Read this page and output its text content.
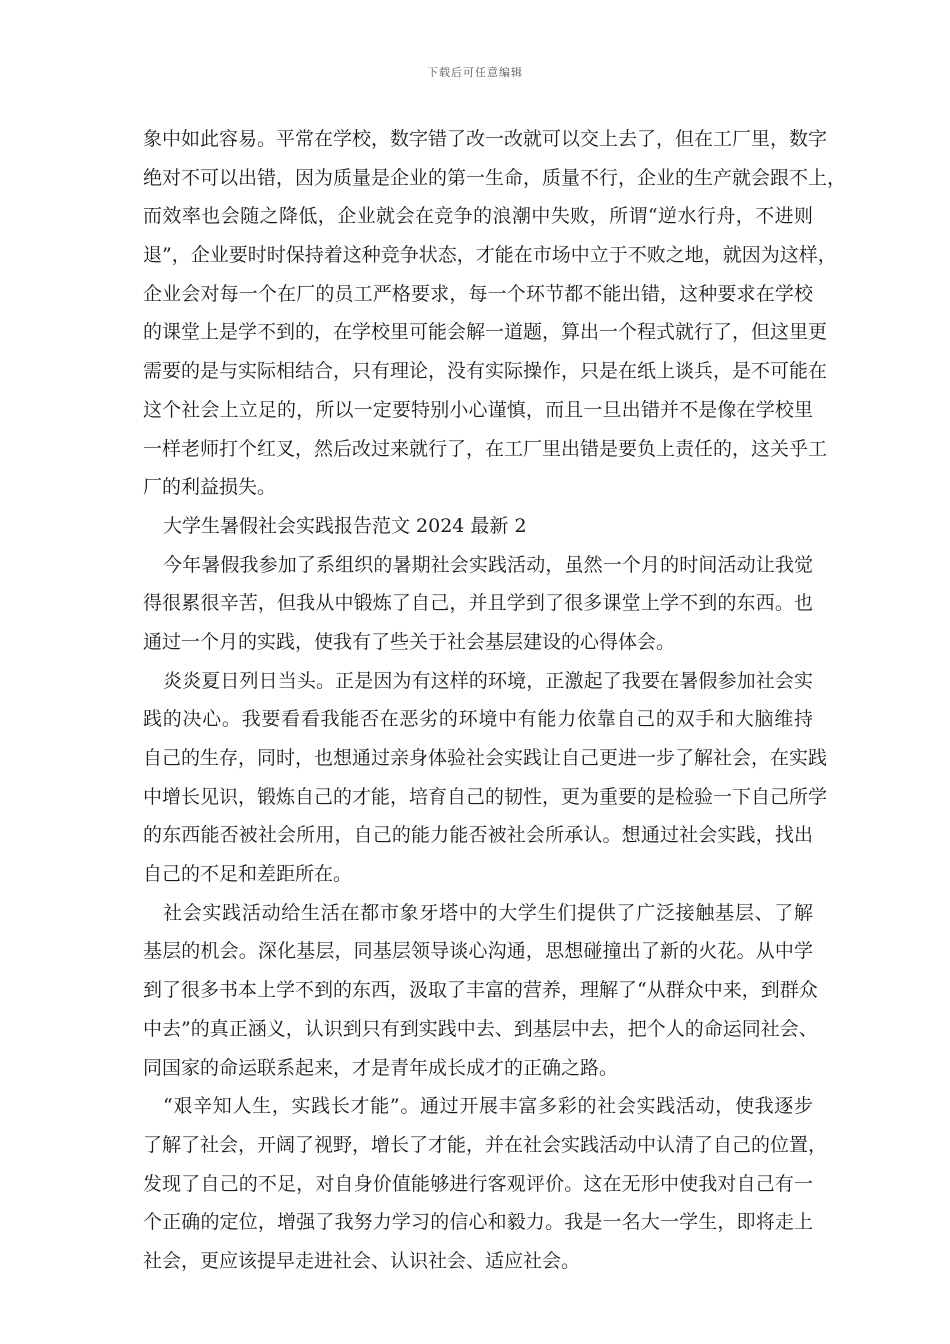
下载后可任意编辑
象中如此容易。平常在学校，数字错了改一改就可以交上去了，但在工厂里，数字
绝对不可以出错，因为质量是企业的第一生命，质量不行，企业的生产就会跟不上，
而效率也会随之降低，企业就会在竞争的浪潮中失败，所谓“逆水行舟，不进则
退”，企业要时时保持着这种竞争状态，才能在市场中立于不败之地，就因为这样，
企业会对每一个在厂的员工严格要求，每一个环节都不能出错，这种要求在学校
的课堂上是学不到的，在学校里可能会解一道题，算出一个程式就行了，但这里更
需要的是与实际相结合，只有理论，没有实际操作，只是在纸上谈兵，是不可能在
这个社会上立足的，所以一定要特别小心谨慎，而且一旦出错并不是像在学校里
一样老师打个红叉，然后改过来就行了，在工厂里出错是要负上责任的，这关乎工
厂的利益损失。
大学生暑假社会实践报告范文 2024 最新 2
今年暑假我参加了系组织的暑期社会实践活动，虽然一个月的时间活动让我觉
得很累很辛苦，但我从中锻炼了自己，并且学到了很多课堂上学不到的东西。也
通过一个月的实践，使我有了些关于社会基层建设的心得体会。
炎炎夏日列日当头。正是因为有这样的环境，正激起了我要在暑假参加社会实
践的决心。我要看看我能否在恶劣的环境中有能力依靠自己的双手和大脑维持
自己的生存，同时，也想通过亲身体验社会实践让自己更进一步了解社会，在实践
中增长见识，锻炼自己的才能，培育自己的韧性，更为重要的是检验一下自己所学
的东西能否被社会所用，自己的能力能否被社会所承认。想通过社会实践，找出
自己的不足和差距所在。
社会实践活动给生活在都市象牙塔中的大学生们提供了广泛接触基层、了解
基层的机会。深化基层，同基层领导谈心沟通，思想碰撞出了新的火花。从中学
到了很多书本上学不到的东西，汲取了丰富的营养，理解了“从群众中来，到群众
中去”的真正涵义，认识到只有到实践中去、到基层中去，把个人的命运同社会、
同国家的命运联系起来，才是青年成长成才的正确之路。
“艰辛知人生，实践长才能”。通过开展丰富多彩的社会实践活动，使我逐步
了解了社会，开阔了视野，增长了才能，并在社会实践活动中认清了自己的位置，
发现了自己的不足，对自身价值能够进行客观评价。这在无形中使我对自己有一
个正确的定位，增强了我努力学习的信心和毅力。我是一名大一学生，即将走上
社会，更应该提早走进社会、认识社会、适应社会。
